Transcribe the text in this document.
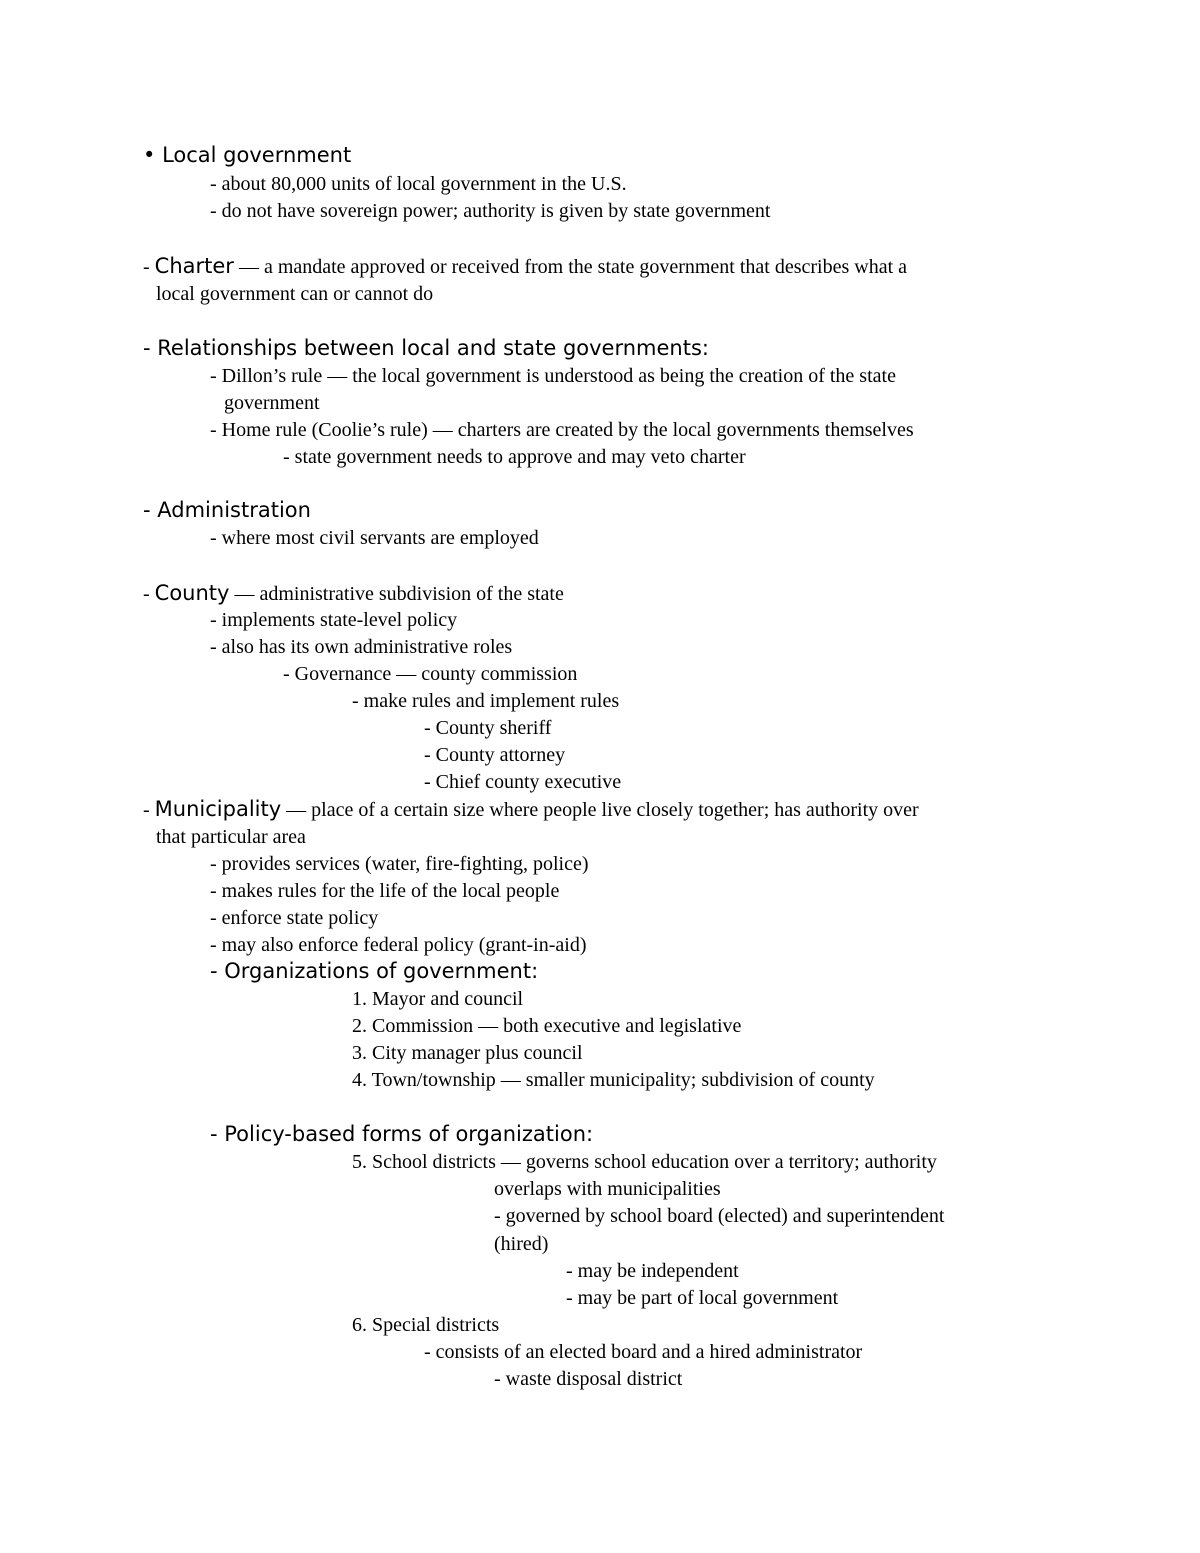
• Local government
- about 80,000 units of local government in the U.S.
- do not have sovereign power; authority is given by state government
- Charter — a mandate approved or received from the state government that describes what a
local government can or cannot do
- Relationships between local and state governments:
- Dillon’s rule — the local government is understood as being the creation of the state
government
- Home rule (Coolie’s rule) — charters are created by the local governments themselves
- state government needs to approve and may veto charter
- Administration
- where most civil servants are employed
- County — administrative subdivision of the state
- implements state-level policy
- also has its own administrative roles
- Governance — county commission
- make rules and implement rules
- County sheriff
- County attorney
- Chief county executive
- Municipality — place of a certain size where people live closely together; has authority over
that particular area
- provides services (water, fire-fighting, police)
- makes rules for the life of the local people
- enforce state policy
- may also enforce federal policy (grant-in-aid)
- Organizations of government:
1. Mayor and council
2. Commission — both executive and legislative
3. City manager plus council
4. Town/township — smaller municipality; subdivision of county
- Policy-based forms of organization:
5. School districts — governs school education over a territory; authority
overlaps with municipalities
- governed by school board (elected) and superintendent
(hired)
- may be independent
- may be part of local government
6. Special districts
- consists of an elected board and a hired administrator
- waste disposal district
